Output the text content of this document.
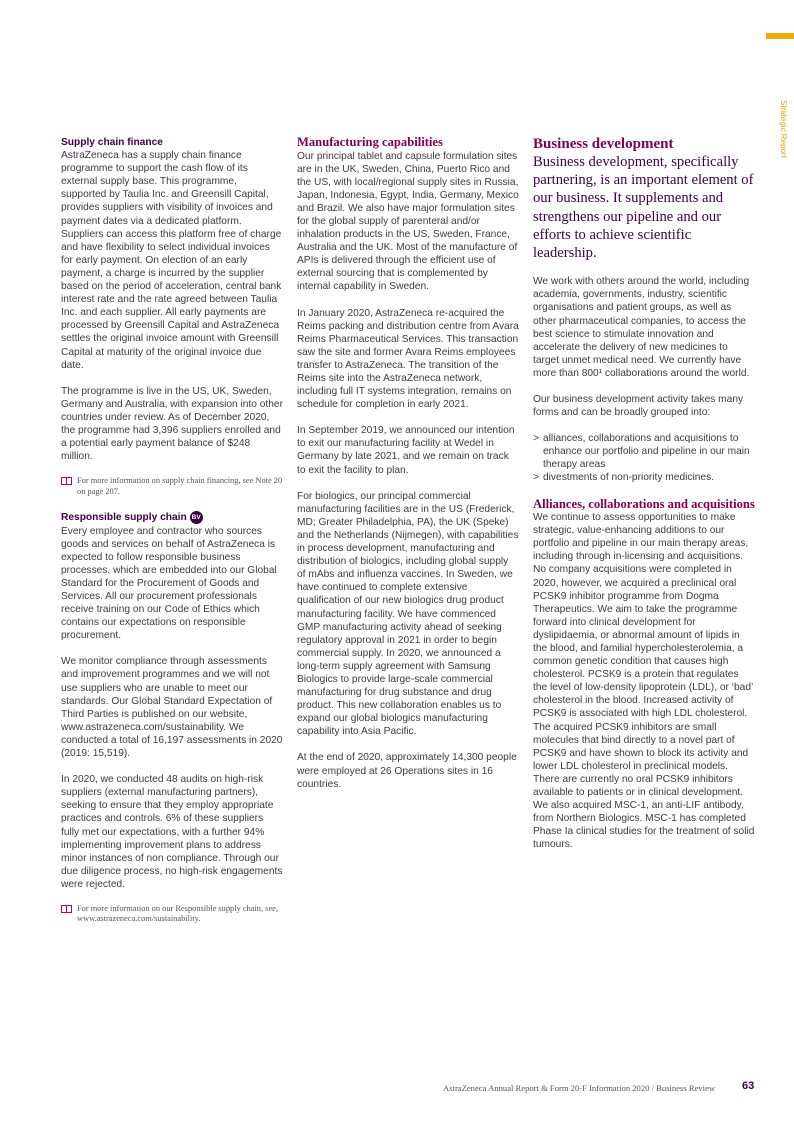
Strategic Report
Supply chain finance

AstraZeneca has a supply chain finance programme to support the cash flow of its external supply base. This programme, supported by Taulia Inc. and Greensill Capital, provides suppliers with visibility of invoices and payment dates via a dedicated platform. Suppliers can access this platform free of charge and have flexibility to select individual invoices for early payment. On election of an early payment, a charge is incurred by the supplier based on the period of acceleration, central bank interest rate and the rate agreed between Taulia Inc. and each supplier. All early payments are processed by Greensill Capital and AstraZeneca settles the original invoice amount with Greensill Capital at maturity of the original invoice due date.

The programme is live in the US, UK, Sweden, Germany and Australia, with expansion into other countries under review. As of December 2020, the programme had 3,396 suppliers enrolled and a potential early payment balance of $248 million.

For more information on supply chain financing, see Note 20 on page 207.
Responsible supply chain BV

Every employee and contractor who sources goods and services on behalf of AstraZeneca is expected to follow responsible business processes, which are embedded into our Global Standard for the Procurement of Goods and Services. All our procurement professionals receive training on our Code of Ethics which contains our expectations on responsible procurement.

We monitor compliance through assessments and improvement programmes and we will not use suppliers who are unable to meet our standards. Our Global Standard Expectation of Third Parties is published on our website, www.astrazeneca.com/sustainability. We conducted a total of 16,197 assessments in 2020 (2019: 15,519).

In 2020, we conducted 48 audits on high-risk suppliers (external manufacturing partners), seeking to ensure that they employ appropriate practices and controls. 6% of these suppliers fully met our expectations, with a further 94% implementing improvement plans to address minor instances of non compliance. Through our due diligence process, no high-risk engagements were rejected.

For more information on our Responsible supply chain, see, www.astrazeneca.com/sustainability.
Manufacturing capabilities

Our principal tablet and capsule formulation sites are in the UK, Sweden, China, Puerto Rico and the US, with local/regional supply sites in Russia, Japan, Indonesia, Egypt, India, Germany, Mexico and Brazil. We also have major formulation sites for the global supply of parenteral and/or inhalation products in the US, Sweden, France, Australia and the UK. Most of the manufacture of APIs is delivered through the efficient use of external sourcing that is complemented by internal capability in Sweden.

In January 2020, AstraZeneca re-acquired the Reims packing and distribution centre from Avara Reims Pharmaceutical Services. This transaction saw the site and former Avara Reims employees transfer to AstraZeneca. The transition of the Reims site into the AstraZeneca network, including full IT systems integration, remains on schedule for completion in early 2021.

In September 2019, we announced our intention to exit our manufacturing facility at Wedel in Germany by late 2021, and we remain on track to exit the facility to plan.

For biologics, our principal commercial manufacturing facilities are in the US (Frederick, MD; Greater Philadelphia, PA), the UK (Speke) and the Netherlands (Nijmegen), with capabilities in process development, manufacturing and distribution of biologics, including global supply of mAbs and influenza vaccines. In Sweden, we have continued to complete extensive qualification of our new biologics drug product manufacturing facility. We have commenced GMP manufacturing activity ahead of seeking regulatory approval in 2021 in order to begin commercial supply. In 2020, we announced a long-term supply agreement with Samsung Biologics to provide large-scale commercial manufacturing for drug substance and drug product. This new collaboration enables us to expand our global biologics manufacturing capability into Asia Pacific.

At the end of 2020, approximately 14,300 people were employed at 26 Operations sites in 16 countries.

Business development

Business development, specifically partnering, is an important element of our business. It supplements and strengthens our pipeline and our efforts to achieve scientific leadership.

We work with others around the world, including academia, governments, industry, scientific organisations and patient groups, as well as other pharmaceutical companies, to access the best science to stimulate innovation and accelerate the delivery of new medicines to target unmet medical need. We currently have more than 800¹ collaborations around the world.

Our business development activity takes many forms and can be broadly grouped into:

> alliances, collaborations and acquisitions to enhance our portfolio and pipeline in our main therapy areas
> divestments of non-priority medicines.
Alliances, collaborations and acquisitions

We continue to assess opportunities to make strategic, value-enhancing additions to our portfolio and pipeline in our main therapy areas, including through in-licensing and acquisitions. No company acquisitions were completed in 2020, however, we acquired a preclinical oral PCSK9 inhibitor programme from Dogma Therapeutics. We aim to take the programme forward into clinical development for dyslipidaemia, or abnormal amount of lipids in the blood, and familial hypercholesterolemia, a common genetic condition that causes high cholesterol. PCSK9 is a protein that regulates the level of low-density lipoprotein (LDL), or ‘bad’ cholesterol in the blood. Increased activity of PCSK9 is associated with high LDL cholesterol. The acquired PCSK9 inhibitors are small molecules that bind directly to a novel part of PCSK9 and have shown to block its activity and lower LDL cholesterol in preclinical models. There are currently no oral PCSK9 inhibitors available to patients or in clinical development. We also acquired MSC-1, an anti-LIF antibody, from Northern Biologics. MSC-1 has completed Phase Ia clinical studies for the treatment of solid tumours.

AstraZeneca Annual Report & Form 20-F Information 2020 / Business Review 63
